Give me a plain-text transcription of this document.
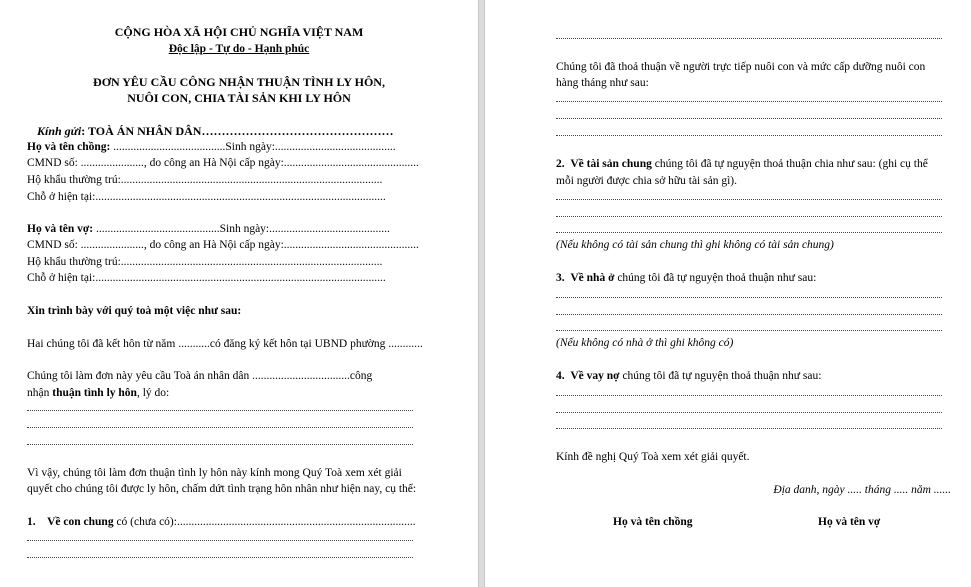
CỘNG HÒA XÃ HỘI CHỦ NGHĨA VIỆT NAM
Độc lập - Tự do - Hạnh phúc
ĐƠN YÊU CẦU CÔNG NHẬN THUẬN TÌNH LY HÔN,
NUÔI CON, CHIA TÀI SẢN KHI LY HÔN
Kính gửi: TOÀ ÁN NHÂN DÂN…………………………………………
Họ và tên chồng: .......................................Sinh ngày:..........................................
CMND số: ......................, do công an Hà Nội cấp ngày:...............................................
Hộ khẩu thường trú:...........................................................................................
Chỗ ở hiện tại:.....................................................................................................
Họ và tên vợ: ...........................................Sinh ngày:..........................................
CMND số: ......................, do công an Hà Nội cấp ngày:...............................................
Hộ khẩu thường trú:...........................................................................................
Chỗ ở hiện tại:.....................................................................................................
Xin trình bày với quý toà một việc như sau:
Hai chúng tôi đã kết hôn từ năm ...........có đăng ký kết hôn tại UBND phường ............
Chúng tôi làm đơn này yêu cầu Toà án nhân dân ..................................công
nhận thuận tình ly hôn, lý do:
Vì vậy, chúng tôi làm đơn thuận tình ly hôn này kính mong Quý Toà xem xét giải
quyết cho chúng tôi được ly hôn, chấm dứt tình trạng hôn nhân như hiện nay, cụ thể:
1. Về con chung có (chưa có):...................................................................................
Chúng tôi đã thoả thuận về người trực tiếp nuôi con và mức cấp dưỡng nuôi con
hàng tháng như sau:
2. Về tài sản chung chúng tôi đã tự nguyện thoả thuận chia như sau: (ghi cụ thể
mỗi người được chia sở hữu tài sản gì).
(Nếu không có tài sản chung thì ghi không có tài sản chung)
3. Về nhà ở chúng tôi đã tự nguyện thoả thuận như sau:
(Nếu không có nhà ở thì ghi không có)
4. Về vay nợ chúng tôi đã tự nguyện thoả thuận như sau:
Kính đề nghị Quý Toà xem xét giải quyết.
Địa danh, ngày ..... tháng ..... năm ......
Họ và tên chồng	Họ và tên vợ
